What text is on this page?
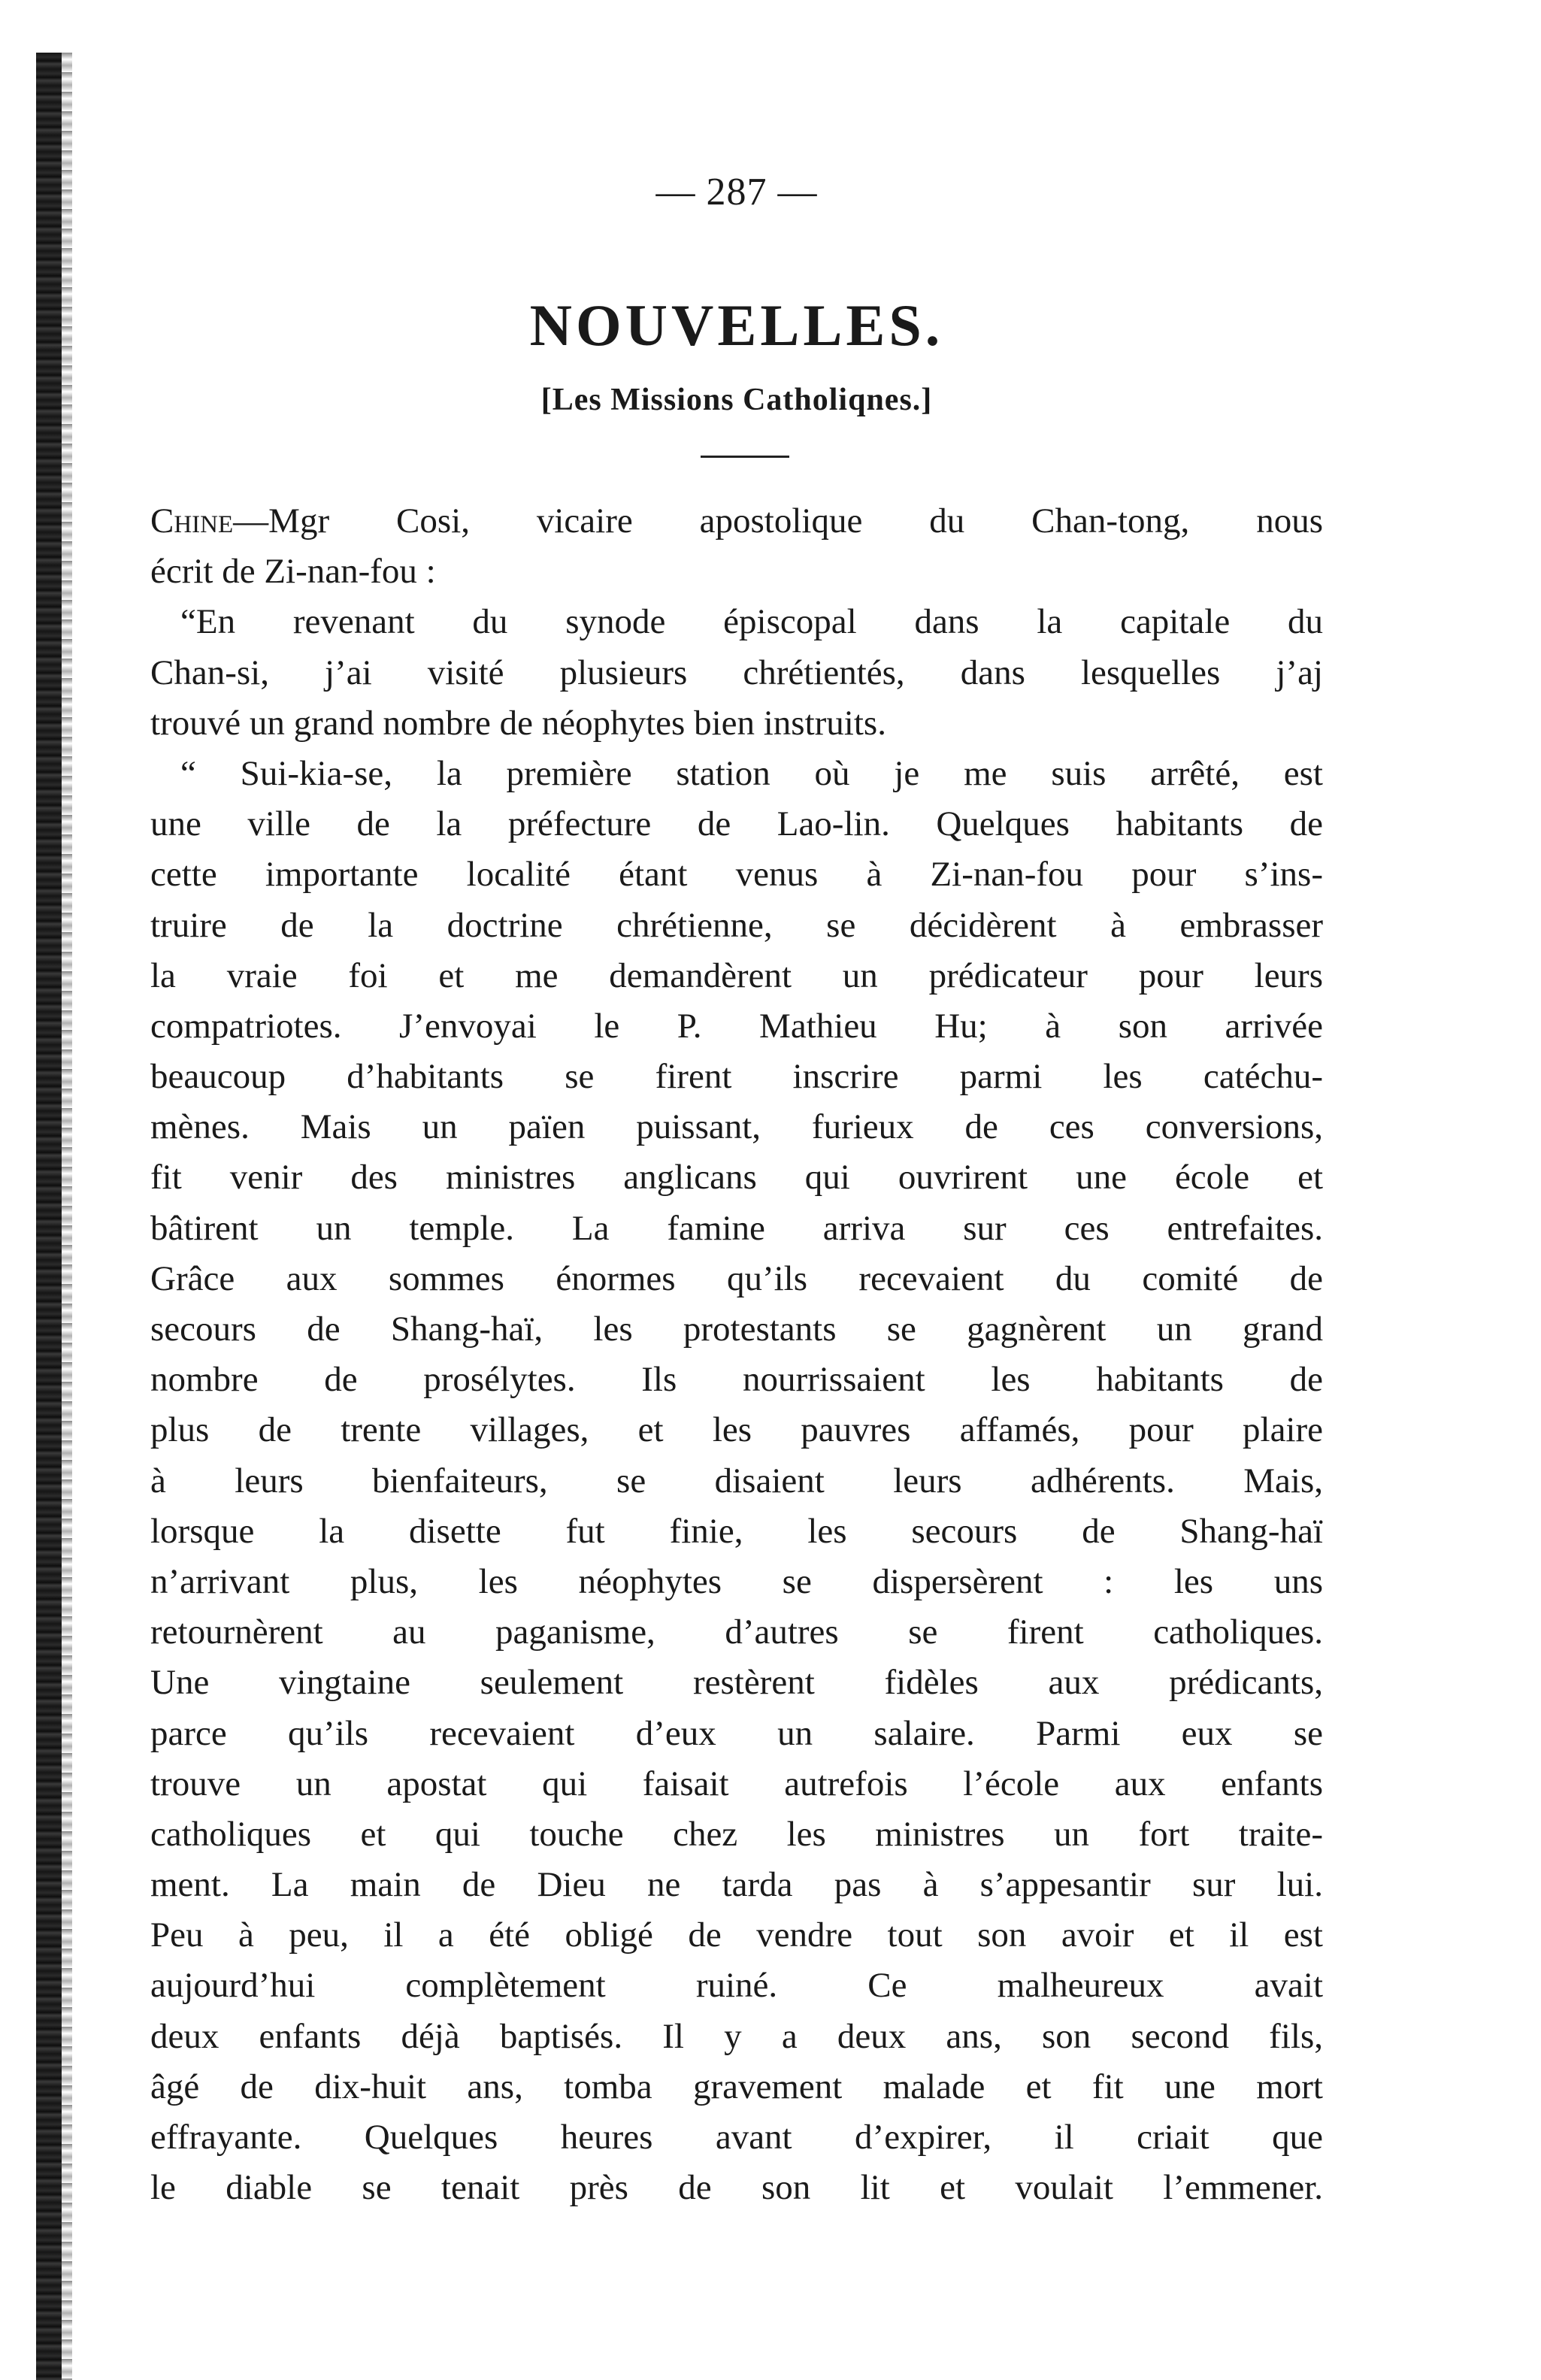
— 287 —
NOUVELLES.
[Les Missions Catholiqnes.]
Chine—Mgr Cosi, vicaire apostolique du Chan-tong, nous
écrit de Zi-nan-fou :
“En revenant du synode épiscopal dans la capitale du
Chan-si, j’ai visité plusieurs chrétientés, dans lesquelles j’aj
trouvé un grand nombre de néophytes bien instruits.
“ Sui-kia-se, la première station où je me suis arrêté, est
une ville de la préfecture de Lao-lin. Quelques habitants de
cette importante localité étant venus à Zi-nan-fou pour s’ins-
truire de la doctrine chrétienne, se décidèrent à embrasser
la vraie foi et me demandèrent un prédicateur pour leurs
compatriotes. J’envoyai le P. Mathieu Hu; à son arrivée
beaucoup d’habitants se firent inscrire parmi les catéchu-
mènes. Mais un païen puissant, furieux de ces conversions,
fit venir des ministres anglicans qui ouvrirent une école et
bâtirent un temple. La famine arriva sur ces entrefaites.
Grâce aux sommes énormes qu’ils recevaient du comité de
secours de Shang-haï, les protestants se gagnèrent un grand
nombre de prosélytes. Ils nourrissaient les habitants de
plus de trente villages, et les pauvres affamés, pour plaire
à leurs bienfaiteurs, se disaient leurs adhérents. Mais,
lorsque la disette fut finie, les secours de Shang-haï
n’arrivant plus, les néophytes se dispersèrent : les uns
retournèrent au paganisme, d’autres se firent catholiques.
Une vingtaine seulement restèrent fidèles aux prédicants,
parce qu’ils recevaient d’eux un salaire. Parmi eux se
trouve un apostat qui faisait autrefois l’école aux enfants
catholiques et qui touche chez les ministres un fort traite-
ment. La main de Dieu ne tarda pas à s’appesantir sur lui.
Peu à peu, il a été obligé de vendre tout son avoir et il est
aujourd’hui complètement ruiné. Ce malheureux avait
deux enfants déjà baptisés. Il y a deux ans, son second fils,
âgé de dix-huit ans, tomba gravement malade et fit une mort
effrayante. Quelques heures avant d’expirer, il criait que
le diable se tenait près de son lit et voulait l’emmener.
